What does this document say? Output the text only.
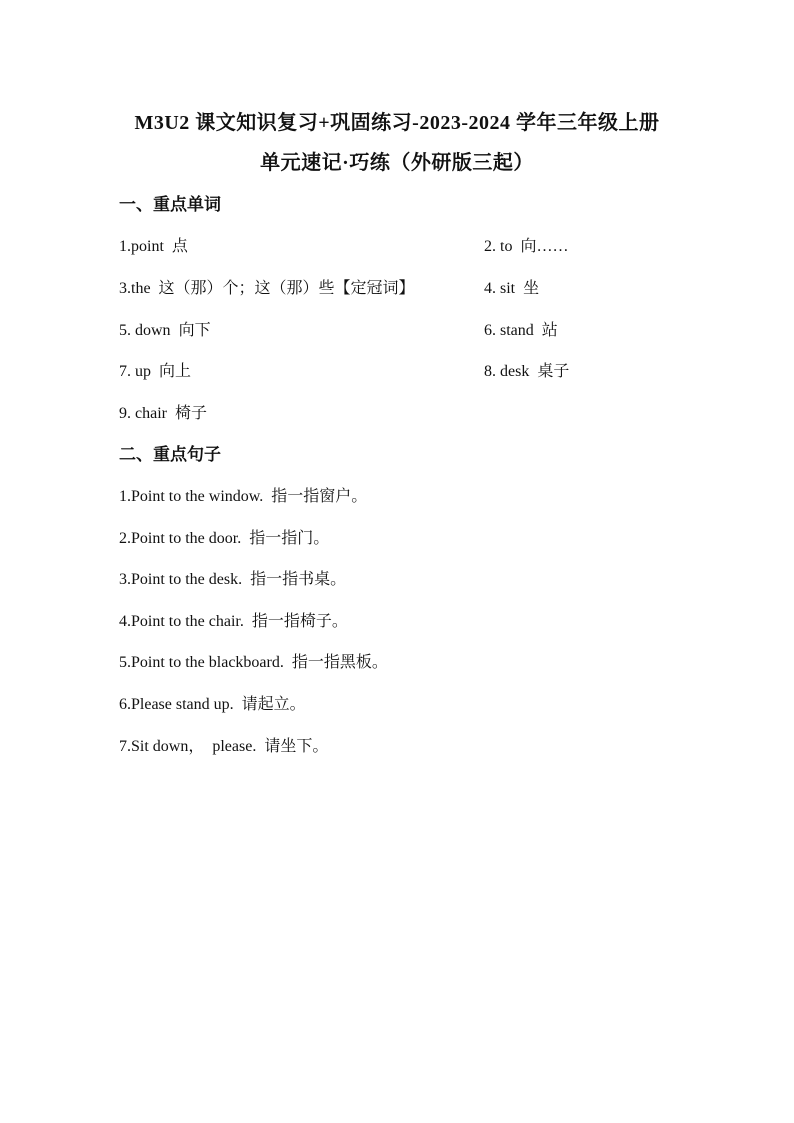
M3U2 课文知识复习+巩固练习-2023-2024 学年三年级上册
单元速记·巧练（外研版三起）
一、重点单词
1.point 点	2. to 向……
3.the 这（那）个；这（那）些【定冠词】	4. sit 坐
5. down 向下	6. stand 站
7. up 向上	8. desk 桌子
9. chair 椅子
二、重点句子
1.Point to the window. 指一指窗户。
2.Point to the door. 指一指门。
3.Point to the desk. 指一指书桌。
4.Point to the chair. 指一指椅子。
5.Point to the blackboard. 指一指黑板。
6.Please stand up. 请起立。
7.Sit down，　please. 请坐下。
